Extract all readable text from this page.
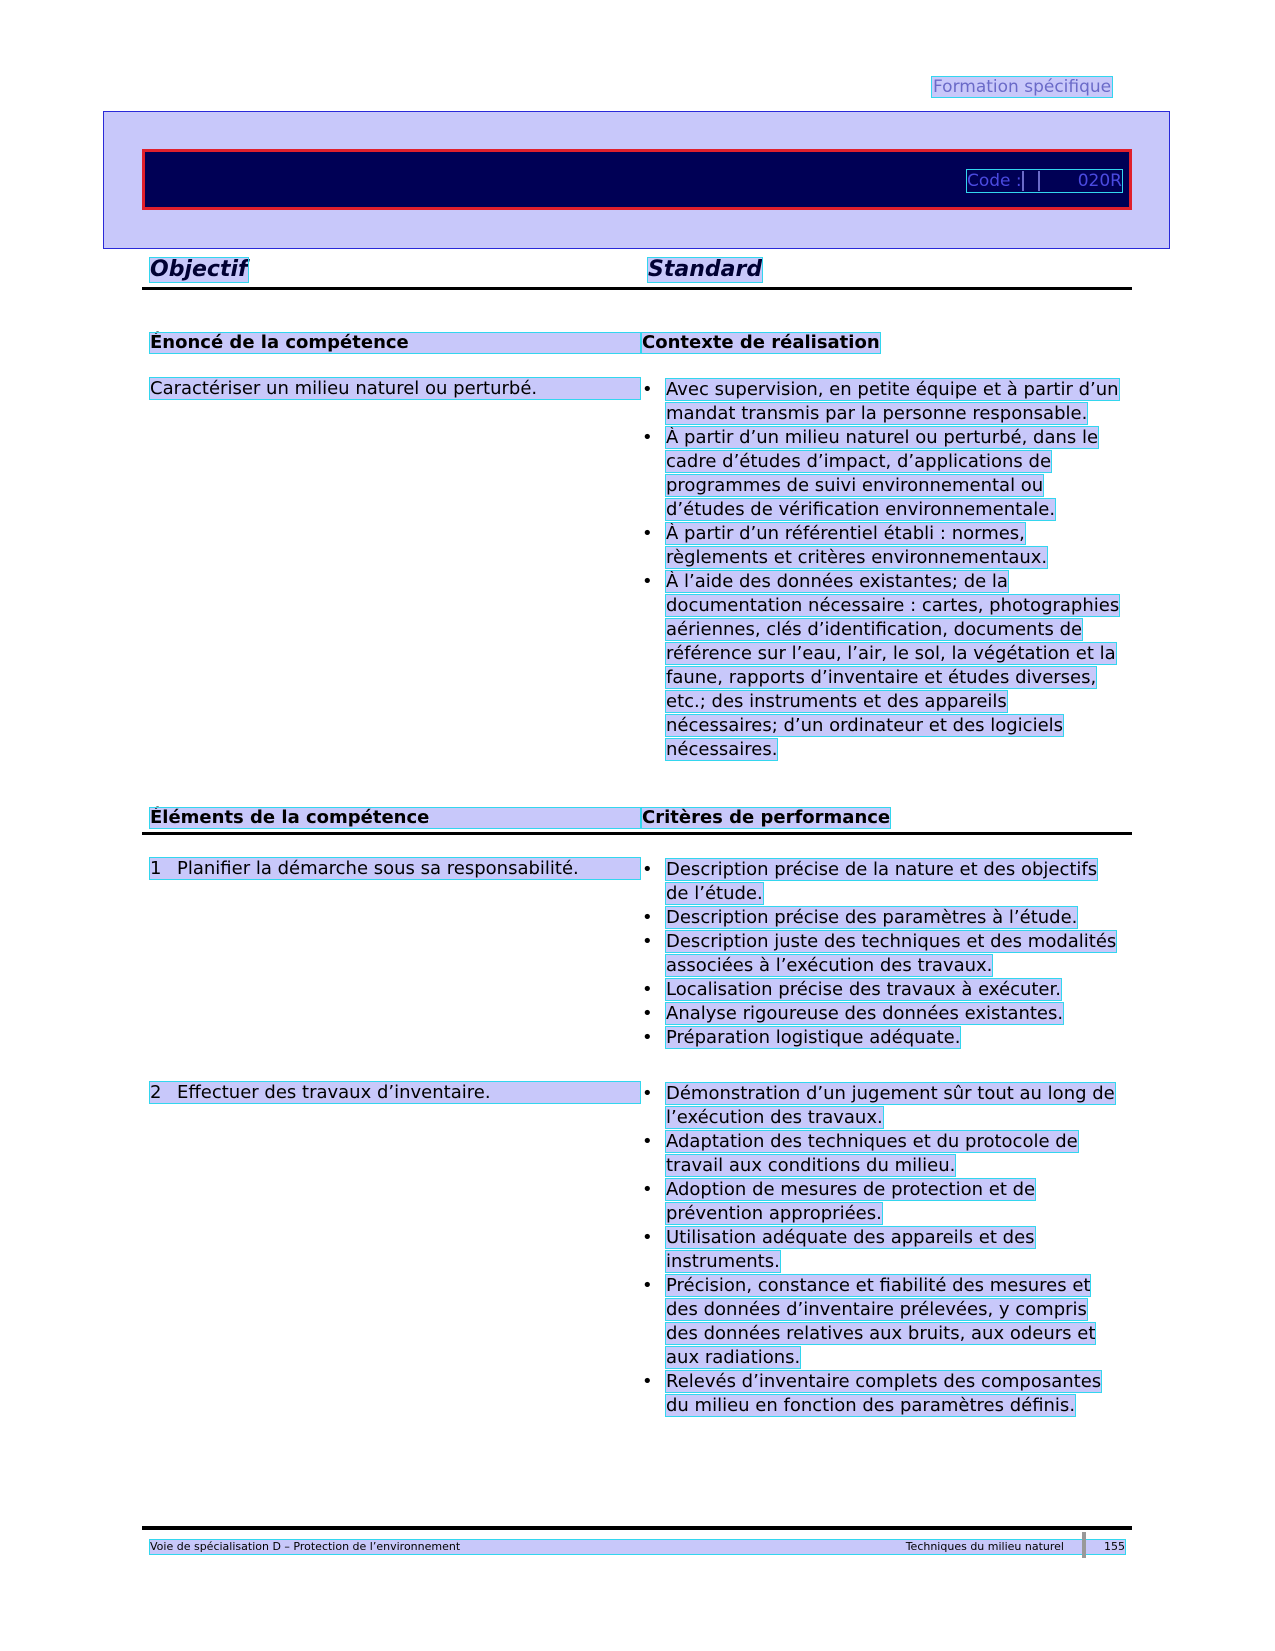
Formation spécifique
Code :	020R
Objectif	Standard
Énoncé de la compétence	Contexte de réalisation
Caractériser un milieu naturel ou perturbé.	• Avec supervision, en petite équipe et à partir d’un mandat transmis par la personne responsable.
• À partir d’un milieu naturel ou perturbé, dans le cadre d’études d’impact, d’applications de programmes de suivi environnemental ou d’études de vérification environnementale.
• À partir d’un référentiel établi : normes, règlements et critères environnementaux.
• À l’aide des données existantes; de la documentation nécessaire : cartes, photographies aériennes, clés d’identification, documents de référence sur l’eau, l’air, le sol, la végétation et la faune, rapports d’inventaire et études diverses, etc.; des instruments et des appareils nécessaires; d’un ordinateur et des logiciels nécessaires.
Éléments de la compétence	Critères de performance
1 Planifier la démarche sous sa responsabilité.	• Description précise de la nature et des objectifs de l’étude.
• Description précise des paramètres à l’étude.
• Description juste des techniques et des modalités associées à l’exécution des travaux.
• Localisation précise des travaux à exécuter.
• Analyse rigoureuse des données existantes.
• Préparation logistique adéquate.
2 Effectuer des travaux d’inventaire.	• Démonstration d’un jugement sûr tout au long de l’exécution des travaux.
• Adaptation des techniques et du protocole de travail aux conditions du milieu.
• Adoption de mesures de protection et de prévention appropriées.
• Utilisation adéquate des appareils et des instruments.
• Précision, constance et fiabilité des mesures et des données d’inventaire prélevées, y compris des données relatives aux bruits, aux odeurs et aux radiations.
• Relevés d’inventaire complets des composantes du milieu en fonction des paramètres définis.
Voie de spécialisation D – Protection de l’environnement	Techniques du milieu naturel	155
